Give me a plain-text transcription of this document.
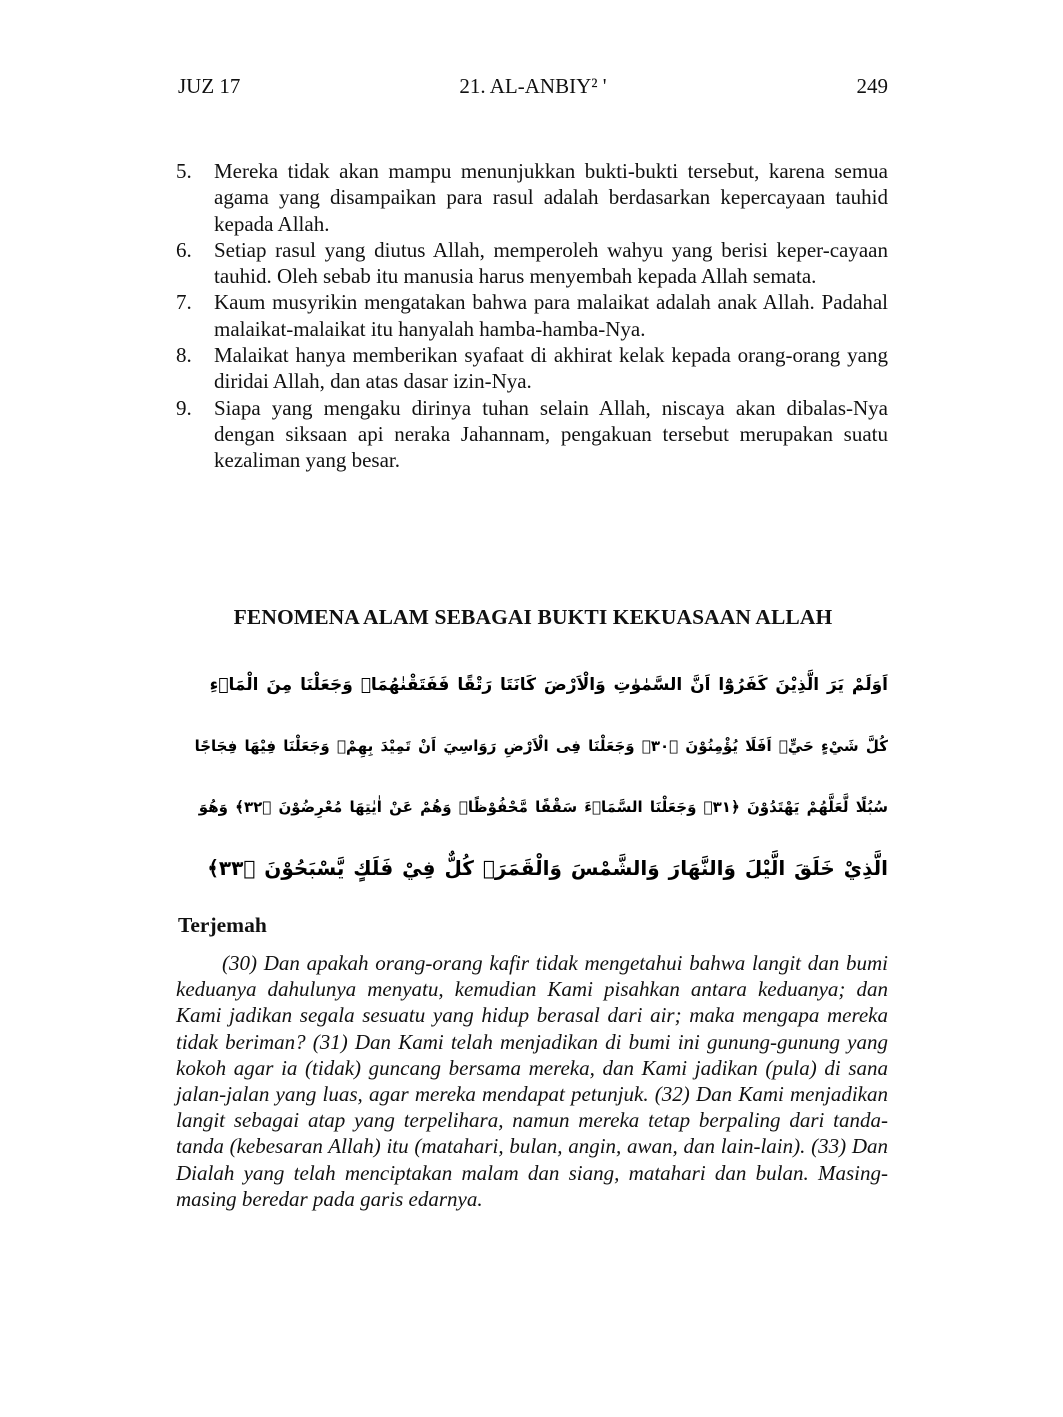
JUZ 17	21. AL-ANBIY² '	249
5.	Mereka tidak akan mampu menunjukkan bukti-bukti tersebut, karena semua agama yang disampaikan para rasul adalah berdasarkan kepercayaan tauhid kepada Allah.
6.	Setiap rasul yang diutus Allah, memperoleh wahyu yang berisi keper-cayaan tauhid. Oleh sebab itu manusia harus menyembah kepada Allah semata.
7.	Kaum musyrikin mengatakan bahwa para malaikat adalah anak Allah. Padahal malaikat-malaikat itu hanyalah hamba-hamba-Nya.
8.	Malaikat hanya memberikan syafaat di akhirat kelak kepada orang-orang yang diridai Allah, dan atas dasar izin-Nya.
9.	Siapa yang mengaku dirinya tuhan selain Allah, niscaya akan dibalas-Nya dengan siksaan api neraka Jahannam, pengakuan tersebut merupakan suatu kezaliman yang besar.
FENOMENA ALAM SEBAGAI BUKTI KEKUASAAN ALLAH
اَوَلَمْ يَرَ الَّذِيْنَ كَفَرُوْٓا اَنَّ السَّمٰوٰتِ وَالْاَرْضَ كَانَتَا رَتْقًا فَفَتَقْنٰهُمَاۗ وَجَعَلْنَا مِنَ الْمَاۤءِ
كُلَّ شَيْءٍ حَيٍّۗ اَفَلَا يُؤْمِنُوْنَ ﴿٣٠﴾ وَجَعَلْنَا فِى الْاَرْضِ رَوَاسِيَ اَنْ تَمِيْدَ بِهِمْۖ وَجَعَلْنَا فِيْهَا فِجَاجًا
سُبُلًا لَّعَلَّهُمْ يَهْتَدُوْنَ ﴿٣١﴾ وَجَعَلْنَا السَّمَاۤءَ سَقْفًا مَّحْفُوْظًاۚ وَهُمْ عَنْ اٰيٰتِهَا مُعْرِضُوْنَ ﴿٣٢﴾ وَهُوَ
الَّذِيْ خَلَقَ الَّيْلَ وَالنَّهَارَ وَالشَّمْسَ وَالْقَمَرَۗ كُلٌّ فِيْ فَلَكٍ يَّسْبَحُوْنَ ﴿٣٣﴾
Terjemah

(30) Dan apakah orang-orang kafir tidak mengetahui bahwa langit dan bumi keduanya dahulunya menyatu, kemudian Kami pisahkan antara keduanya; dan Kami jadikan segala sesuatu yang hidup berasal dari air; maka mengapa mereka tidak beriman? (31) Dan Kami telah menjadikan di bumi ini gunung-gunung yang kokoh agar ia (tidak) guncang bersama mereka, dan Kami jadikan (pula) di sana jalan-jalan yang luas, agar mereka mendapat petunjuk. (32) Dan Kami menjadikan langit sebagai atap yang terpelihara, namun mereka tetap berpaling dari tanda-tanda (kebesaran Allah) itu (matahari, bulan, angin, awan, dan lain-lain). (33) Dan Dialah yang telah menciptakan malam dan siang, matahari dan bulan. Masing-masing beredar pada garis edarnya.
